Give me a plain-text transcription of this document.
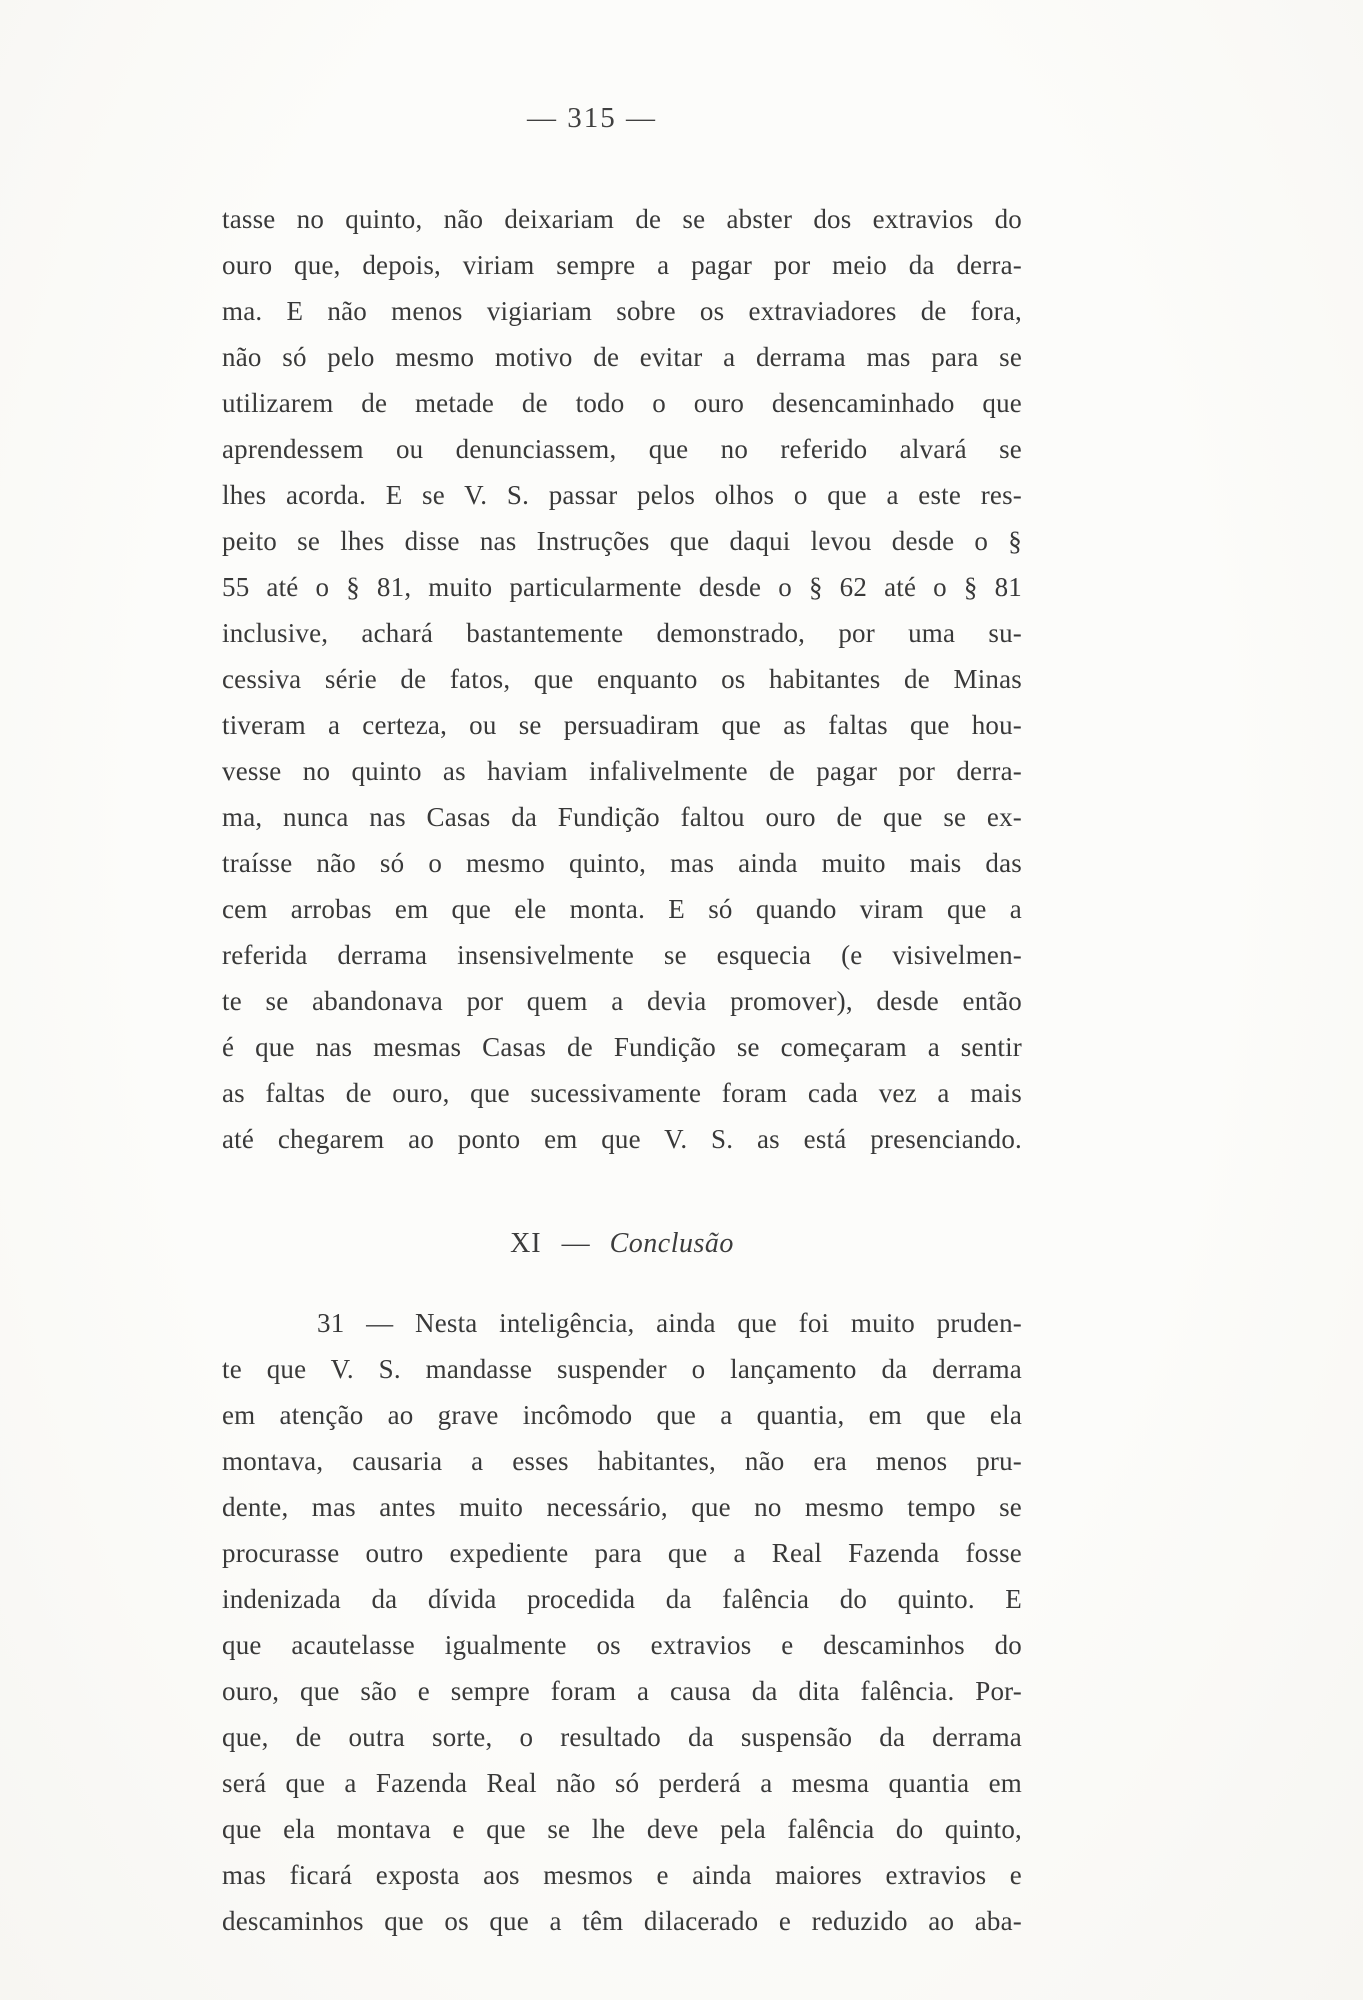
— 315 —
tasse no quinto, não deixariam de se abster dos extravios do
ouro que, depois, viriam sempre a pagar por meio da derra-
ma. E não menos vigiariam sobre os extraviadores de fora,
não só pelo mesmo motivo de evitar a derrama mas para se
utilizarem de metade de todo o ouro desencaminhado que
aprendessem ou denunciassem, que no referido alvará se
lhes acorda. E se V. S. passar pelos olhos o que a este res-
peito se lhes disse nas Instruções que daqui levou desde o §
55 até o § 81, muito particularmente desde o § 62 até o § 81
inclusive, achará bastantemente demonstrado, por uma su-
cessiva série de fatos, que enquanto os habitantes de Minas
tiveram a certeza, ou se persuadiram que as faltas que hou-
vesse no quinto as haviam infalivelmente de pagar por derra-
ma, nunca nas Casas da Fundição faltou ouro de que se ex-
traísse não só o mesmo quinto, mas ainda muito mais das
cem arrobas em que ele monta. E só quando viram que a
referida derrama insensivelmente se esquecia (e visivelmen-
te se abandonava por quem a devia promover), desde então
é que nas mesmas Casas de Fundição se começaram a sentir
as faltas de ouro, que sucessivamente foram cada vez a mais
até chegarem ao ponto em que V. S. as está presenciando.
XI — Conclusão
31 — Nesta inteligência, ainda que foi muito pruden-
te que V. S. mandasse suspender o lançamento da derrama
em atenção ao grave incômodo que a quantia, em que ela
montava, causaria a esses habitantes, não era menos pru-
dente, mas antes muito necessário, que no mesmo tempo se
procurasse outro expediente para que a Real Fazenda fosse
indenizada da dívida procedida da falência do quinto. E
que acautelasse igualmente os extravios e descaminhos do
ouro, que são e sempre foram a causa da dita falência. Por-
que, de outra sorte, o resultado da suspensão da derrama
será que a Fazenda Real não só perderá a mesma quantia em
que ela montava e que se lhe deve pela falência do quinto,
mas ficará exposta aos mesmos e ainda maiores extravios e
descaminhos que os que a têm dilacerado e reduzido ao aba-
